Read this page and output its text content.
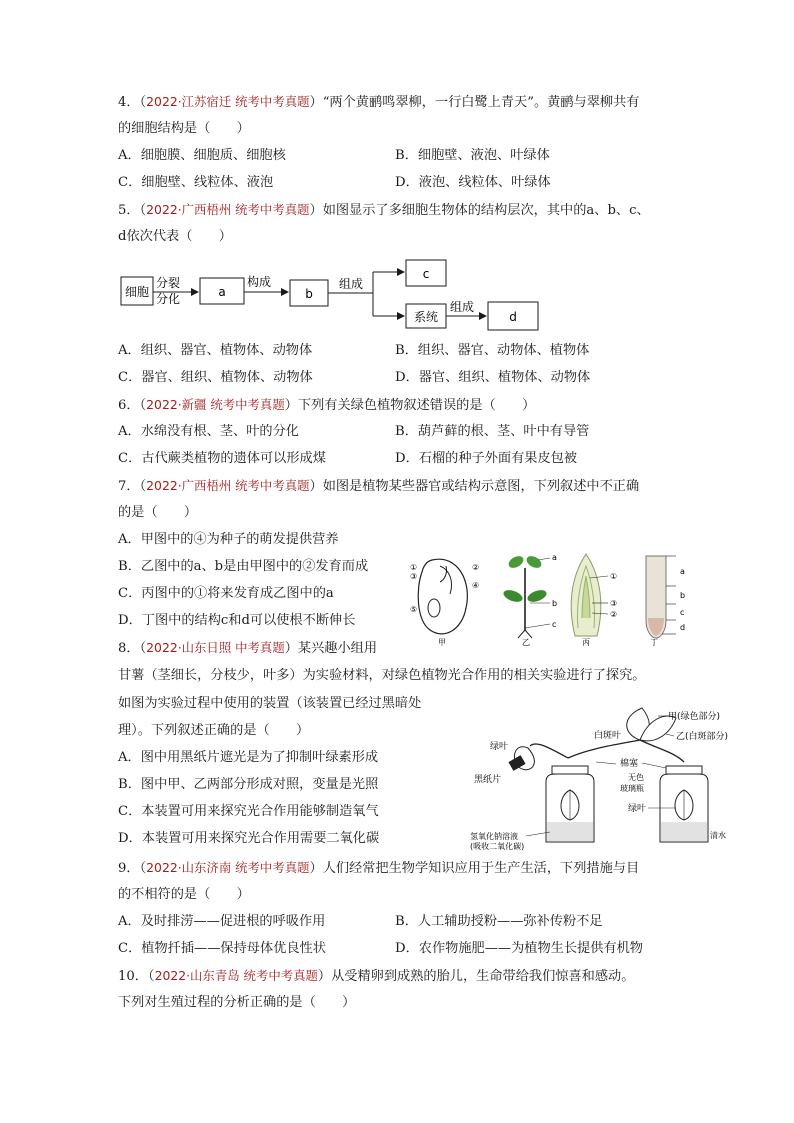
4．（2022·江苏宿迁 统考中考真题）“两个黄鹂鸣翠柳，一行白鹭上青天”。黄鹂与翠柳共有
的细胞结构是（　　）
A．细胞膜、细胞质、细胞核	B．细胞壁、液泡、叶绿体
C．细胞壁、线粒体、液泡	D．液泡、线粒体、叶绿体
5．（2022·广西梧州 统考中考真题）如图显示了多细胞生物体的结构层次，其中的a、b、c、
d依次代表（　　）
细胞
分裂
分化	a
构成
b
组成
c
系统
组成
d
A．组织、器官、植物体、动物体	B．组织、器官、动物体、植物体
C．器官、组织、植物体、动物体	D．器官、组织、植物体、动物体
6．（2022·新疆 统考中考真题）下列有关绿色植物叙述错误的是（　　）
A．水绵没有根、茎、叶的分化	B．葫芦藓的根、茎、叶中有导管
C．古代蕨类植物的遗体可以形成煤	D．石榴的种子外面有果皮包被
7．（2022·广西梧州 统考中考真题）如图是植物某些器官或结构示意图，下列叙述中不正确
的是（　　）
A．甲图中的④为种子的萌发提供营养
B．乙图中的a、b是由甲图中的②发育而成
C．丙图中的①将来发育成乙图中的a
D．丁图中的结构c和d可以使根不断伸长
①
③
⑤
②
④
甲
a
b
c
乙
①
③
②
丙
a
b
c
d
丁
8．（2022·山东日照 中考真题）某兴趣小组用
甘薯（茎细长，分枝少，叶多）为实验材料，对绿色植物光合作用的相关实验进行了探究。
如图为实验过程中使用的装置（该装置已经过黑暗处
理）。下列叙述正确的是（　　）
A．图中用黑纸片遮光是为了抑制叶绿素形成
B．图中甲、乙两部分形成对照，变量是光照
C．本装置可用来探究光合作用能够制造氧气
D．本装置可用来探究光合作用需要二氧化碳
甲(绿色部分)
乙(白斑部分)
白斑叶
绿叶
黑纸片
棉塞
无色
玻璃瓶
绿叶
氢氧化钠溶液
(吸收二氧化碳)
清水
9．（2022·山东济南 统考中考真题）人们经常把生物学知识应用于生产生活，下列措施与目
的不相符的是（　　）
A．及时排涝——促进根的呼吸作用	B．人工辅助授粉——弥补传粉不足
C．植物扦插——保持母体优良性状	D．农作物施肥——为植物生长提供有机物
10．（2022·山东青岛 统考中考真题）从受精卵到成熟的胎儿，生命带给我们惊喜和感动。
下列对生殖过程的分析正确的是（　　）
